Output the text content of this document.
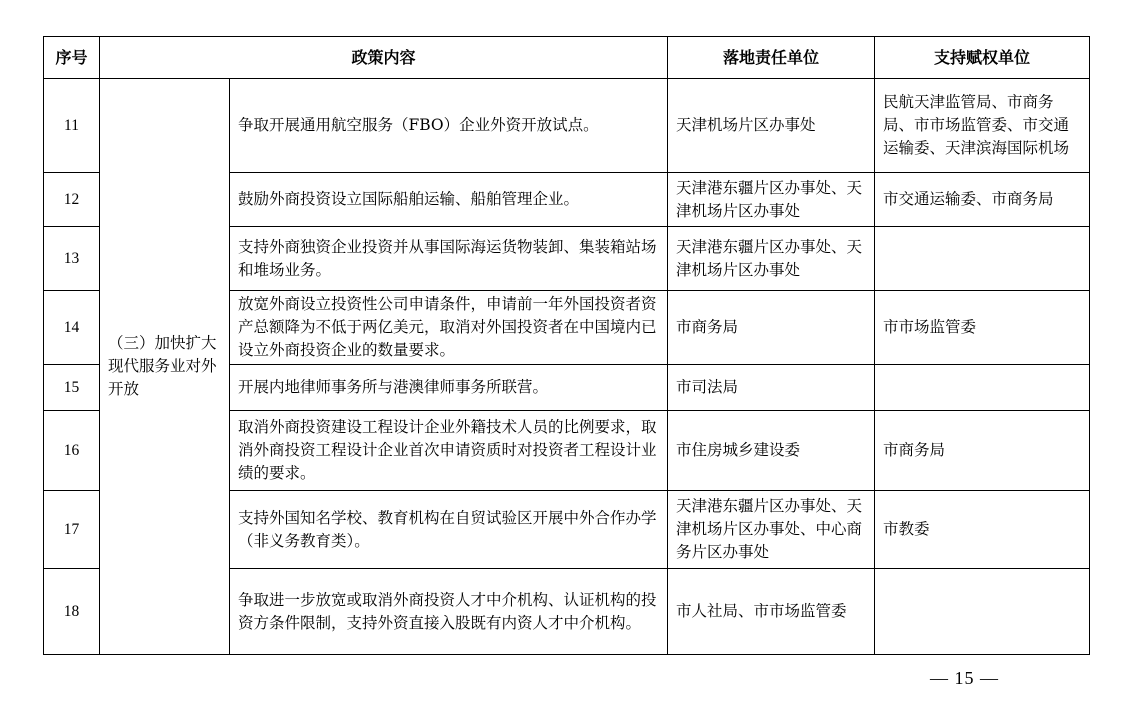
序号	政策内容		落地责任单位	支持赋权单位
11	（三）加快扩大现代服务业对外开放	争取开展通用航空服务（FBO）企业外资开放试点。	天津机场片区办事处	民航天津监管局、市商务局、市市场监管委、市交通运输委、天津滨海国际机场
12		鼓励外商投资设立国际船舶运输、船舶管理企业。	天津港东疆片区办事处、天津机场片区办事处	市交通运输委、市商务局
13		支持外商独资企业投资并从事国际海运货物装卸、集装箱站场和堆场业务。	天津港东疆片区办事处、天津机场片区办事处	
14		放宽外商设立投资性公司申请条件，申请前一年外国投资者资产总额降为不低于两亿美元，取消对外国投资者在中国境内已设立外商投资企业的数量要求。	市商务局	市市场监管委
15		开展内地律师事务所与港澳律师事务所联营。	市司法局	
16		取消外商投资建设工程设计企业外籍技术人员的比例要求，取消外商投资工程设计企业首次申请资质时对投资者工程设计业绩的要求。	市住房城乡建设委	市商务局
17		支持外国知名学校、教育机构在自贸试验区开展中外合作办学（非义务教育类）。	天津港东疆片区办事处、天津机场片区办事处、中心商务片区办事处	市教委
18		争取进一步放宽或取消外商投资人才中介机构、认证机构的投资方条件限制，支持外资直接入股既有内资人才中介机构。	市人社局、市市场监管委	
— 15 —
